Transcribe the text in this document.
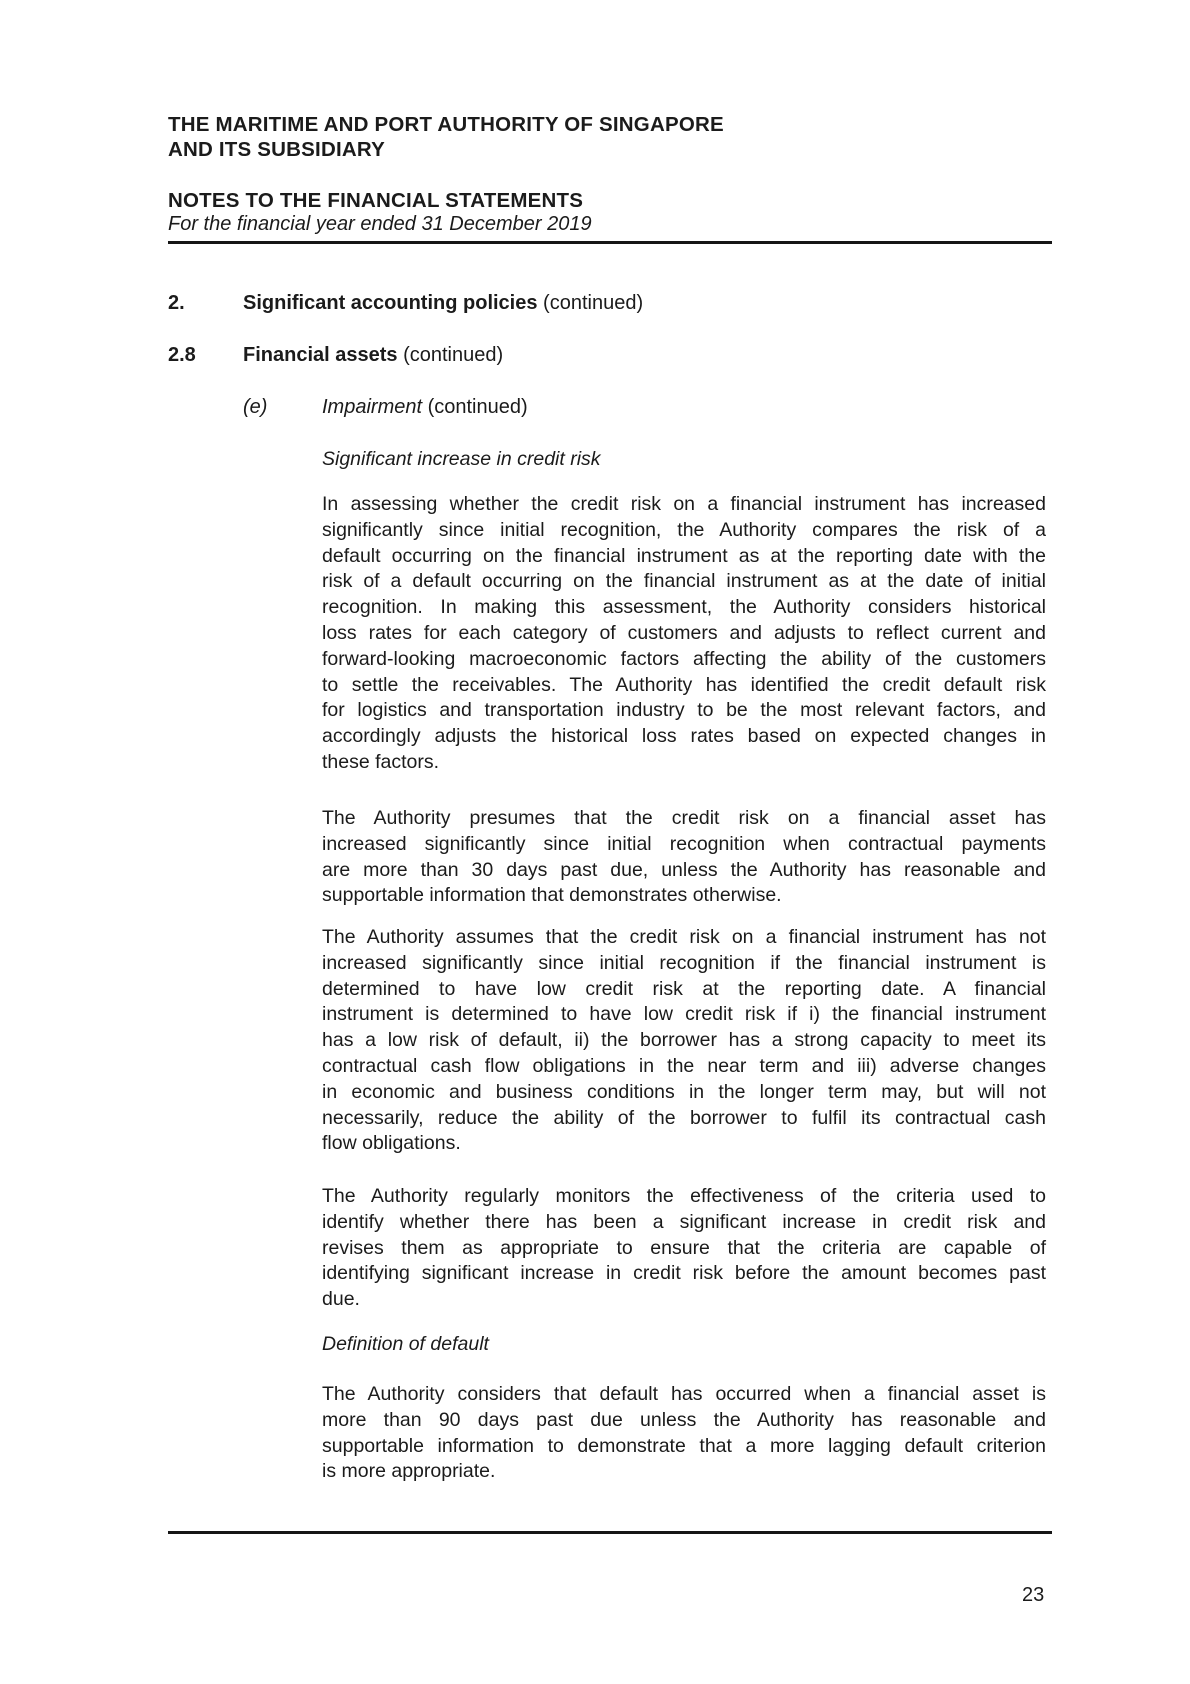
THE MARITIME AND PORT AUTHORITY OF SINGAPORE
AND ITS SUBSIDIARY
NOTES TO THE FINANCIAL STATEMENTS
For the financial year ended 31 December 2019
2.	Significant accounting policies (continued)
2.8	Financial assets (continued)
(e)	Impairment (continued)
Significant increase in credit risk
In assessing whether the credit risk on a financial instrument has increased
significantly since initial recognition, the Authority compares the risk of a
default occurring on the financial instrument as at the reporting date with the
risk of a default occurring on the financial instrument as at the date of initial
recognition. In making this assessment, the Authority considers historical
loss rates for each category of customers and adjusts to reflect current and
forward-looking macroeconomic factors affecting the ability of the customers
to settle the receivables. The Authority has identified the credit default risk
for logistics and transportation industry to be the most relevant factors, and
accordingly adjusts the historical loss rates based on expected changes in
these factors.
The Authority presumes that the credit risk on a financial asset has
increased significantly since initial recognition when contractual payments
are more than 30 days past due, unless the Authority has reasonable and
supportable information that demonstrates otherwise.
The Authority assumes that the credit risk on a financial instrument has not
increased significantly since initial recognition if the financial instrument is
determined to have low credit risk at the reporting date. A financial
instrument is determined to have low credit risk if i) the financial instrument
has a low risk of default, ii) the borrower has a strong capacity to meet its
contractual cash flow obligations in the near term and iii) adverse changes
in economic and business conditions in the longer term may, but will not
necessarily, reduce the ability of the borrower to fulfil its contractual cash
flow obligations.
The Authority regularly monitors the effectiveness of the criteria used to
identify whether there has been a significant increase in credit risk and
revises them as appropriate to ensure that the criteria are capable of
identifying significant increase in credit risk before the amount becomes past
due.
Definition of default
The Authority considers that default has occurred when a financial asset is
more than 90 days past due unless the Authority has reasonable and
supportable information to demonstrate that a more lagging default criterion
is more appropriate.
23
